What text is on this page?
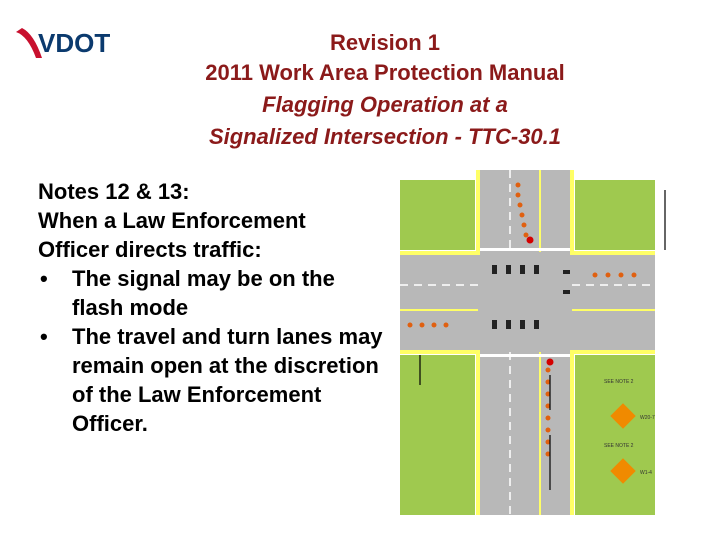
VDOT	Revision 1
2011 Work Area Protection Manual
Flagging Operation at a
Signalized Intersection - TTC-30.1
Notes 12 & 13:
When a Law Enforcement
Officer directs traffic:
• The signal may be on the flash mode
• The travel and turn lanes may remain open at the discretion of the Law Enforcement Officer.
SEE NOTE 2
SEE NOTE 2
W20-7
W1-4
